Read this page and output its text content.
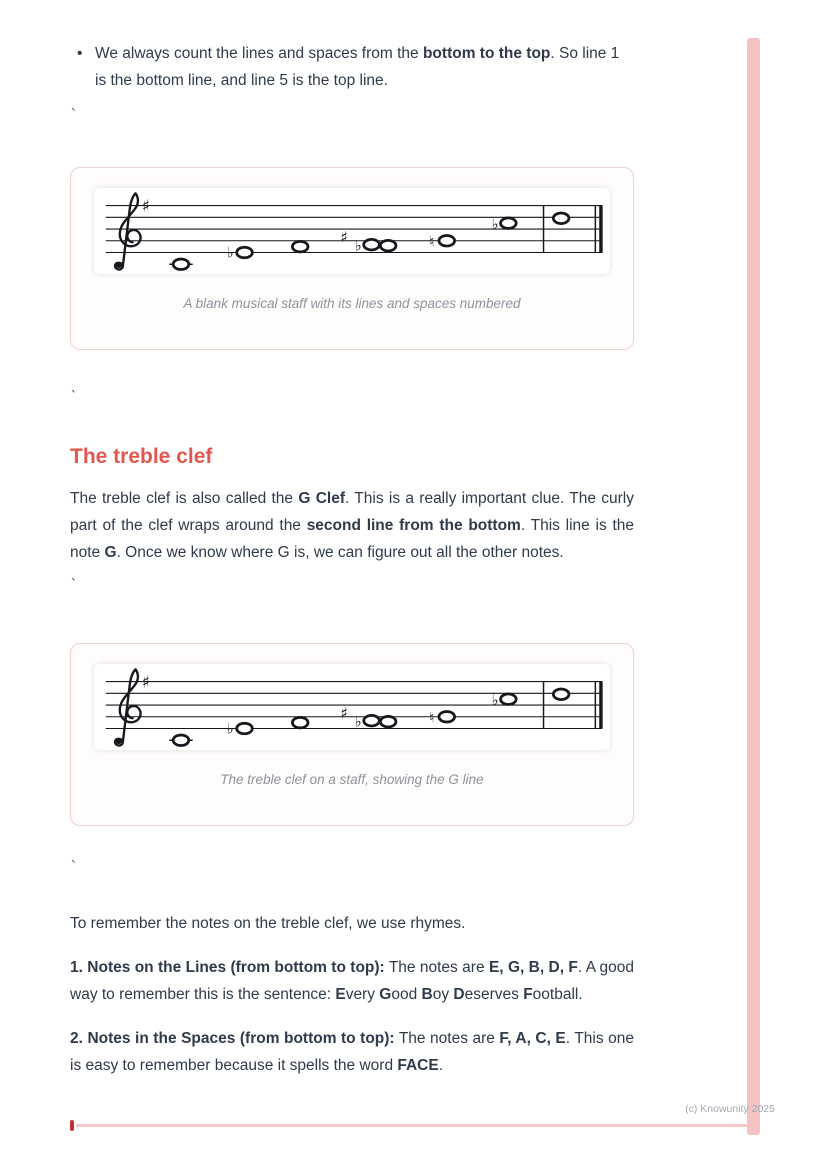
• We always count the lines and spaces from the bottom to the top. So line 1 is the bottom line, and line 5 is the top line.

`
♯
♭
♯ ♭	♮
♭
A blank musical staff with its lines and spaces numbered
`
The treble clef

The treble clef is also called the G Clef. This is a really important clue. The curly part of the clef wraps around the second line from the bottom. This line is the note G. Once we know where G is, we can figure out all the other notes.

`
♯
♭
♯ ♭	♮
♭
The treble clef on a staff, showing the G line
`

To remember the notes on the treble clef, we use rhymes.

1. Notes on the Lines (from bottom to top): The notes are E, G, B, D, F. A good way to remember this is the sentence: Every Good Boy Deserves Football.

2. Notes in the Spaces (from bottom to top): The notes are F, A, C, E. This one is easy to remember because it spells the word FACE.

(c) Knowunity 2025
